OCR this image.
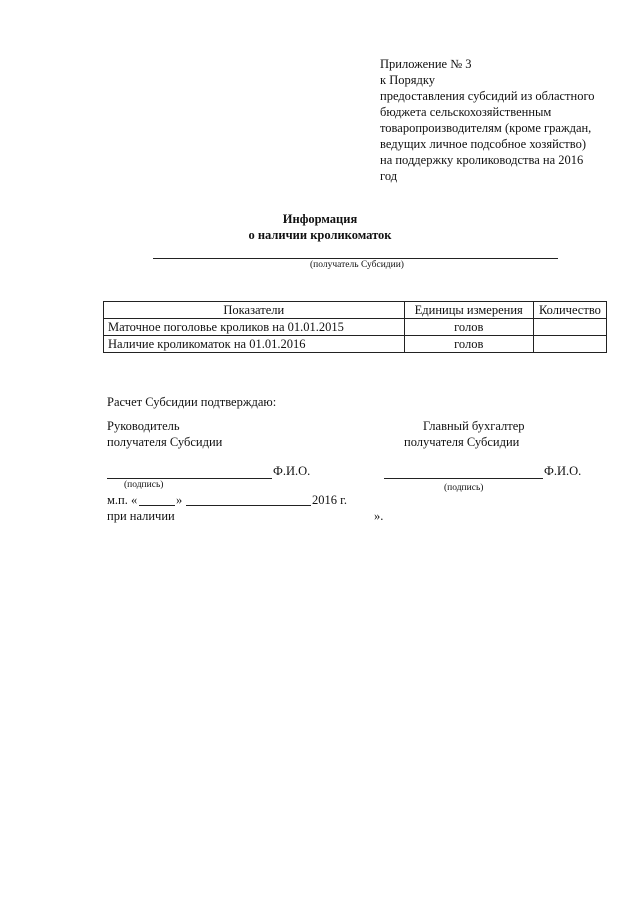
Приложение № 3
к Порядку
предоставления субсидий из областного
бюджета сельскохозяйственным
товаропроизводителям (кроме граждан,
ведущих личное подсобное хозяйство)
на поддержку кролиководства на 2016
год
Информация
о наличии кроликоматок
(получатель Субсидии)
Показатели	Единицы измерения	Количество
Маточное поголовье кроликов на 01.01.2015	голов	
Наличие кроликоматок на 01.01.2016	голов	
Расчет Субсидии подтверждаю:
Руководитель
получателя Субсидии
Ф.И.О.
(подпись)
Главный бухгалтер
получателя Субсидии
Ф.И.О.
(подпись)
м.п. «	»	2016 г.
при наличии	».
